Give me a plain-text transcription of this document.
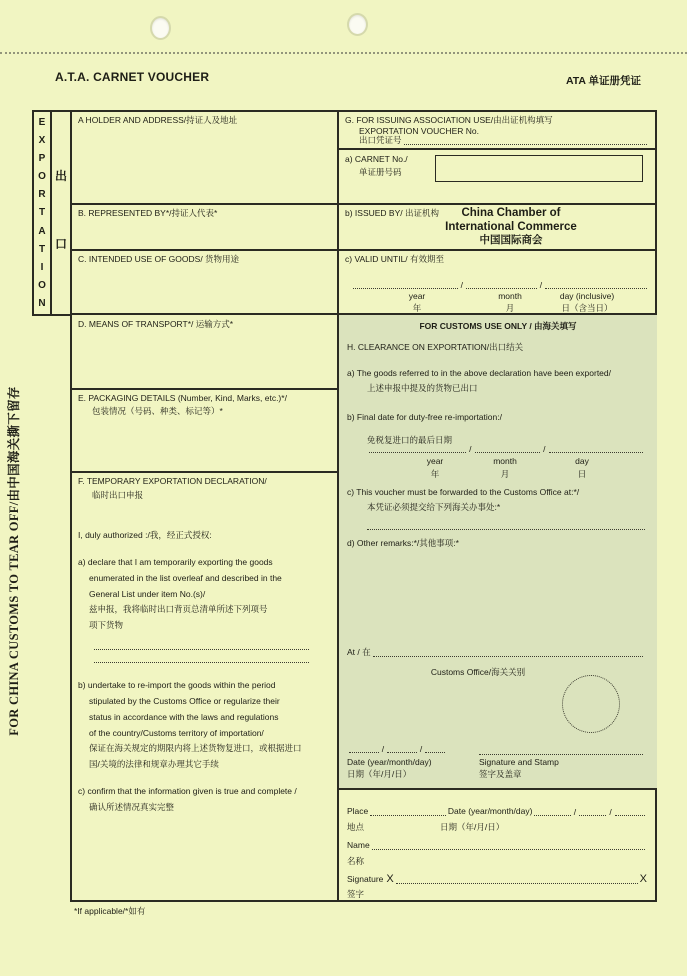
A.T.A. CARNET VOUCHER	ATA 单证册凭证
FOR CHINA CUSTOMS TO TEAR OFF/由中国海关撕下留存
E
X
P
O
R
T
A
T
I
O
N
出
口
A HOLDER AND ADDRESS/持证人及地址
B. REPRESENTED BY*/持证人代表*
C. INTENDED USE OF GOODS/ 货物用途
D. MEANS OF TRANSPORT*/ 运输方式*
E. PACKAGING DETAILS (Number, Kind, Marks, etc.)*/
包装情况（号码、种类、标记等）*
F. TEMPORARY EXPORTATION DECLARATION/
临时出口申报
I, duly authorized :/我，经正式授权:
a) declare that I am temporarily exporting the goods
enumerated in the list overleaf and described in the
General List under item No.(s)/
兹申报，我将临时出口背页总清单所述下列项号
项下货物
b) undertake to re-import the goods within the period
stipulated by the Customs Office or regularize their
status in accordance with the laws and regulations
of the country/Customs territory of importation/
保证在海关规定的期限内将上述货物复进口，或根据进口
国/关境的法律和规章办理其它手续
c) confirm that the information given is true and complete /
确认所述情况真实完整
G. FOR ISSUING ASSOCIATION USE/由出证机构填写
EXPORTATION VOUCHER No.
出口凭证号
a) CARNET No./
单证册号码
b) ISSUED BY/ 出证机构	China Chamber of
International Commerce
中国国际商会
c) VALID UNTIL/ 有效期至
/	/
year	month	day (inclusive)
年	月	日（含当日）
FOR CUSTOMS USE ONLY / 由海关填写
H. CLEARANCE ON EXPORTATION/出口结关
a) The goods referred to in the above declaration have been exported/
上述申报中提及的货物已出口
b) Final date for duty-free re-importation:/
免税复进口的最后日期
/	/
year	month	day
年	月	日
c) This voucher must be forwarded to the Customs Office at:*/
本凭证必须提交给下列海关办事处:*
d) Other remarks:*/其他事项:*
At / 在
Customs Office/海关关别
/	/
Date (year/month/day)
日期（年/月/日）
Signature and Stamp
签字及盖章
Place	Date (year/month/day)	/	/
地点	日期（年/月/日）
Name
名称
Signature X	X
签字
*If applicable/*如有
